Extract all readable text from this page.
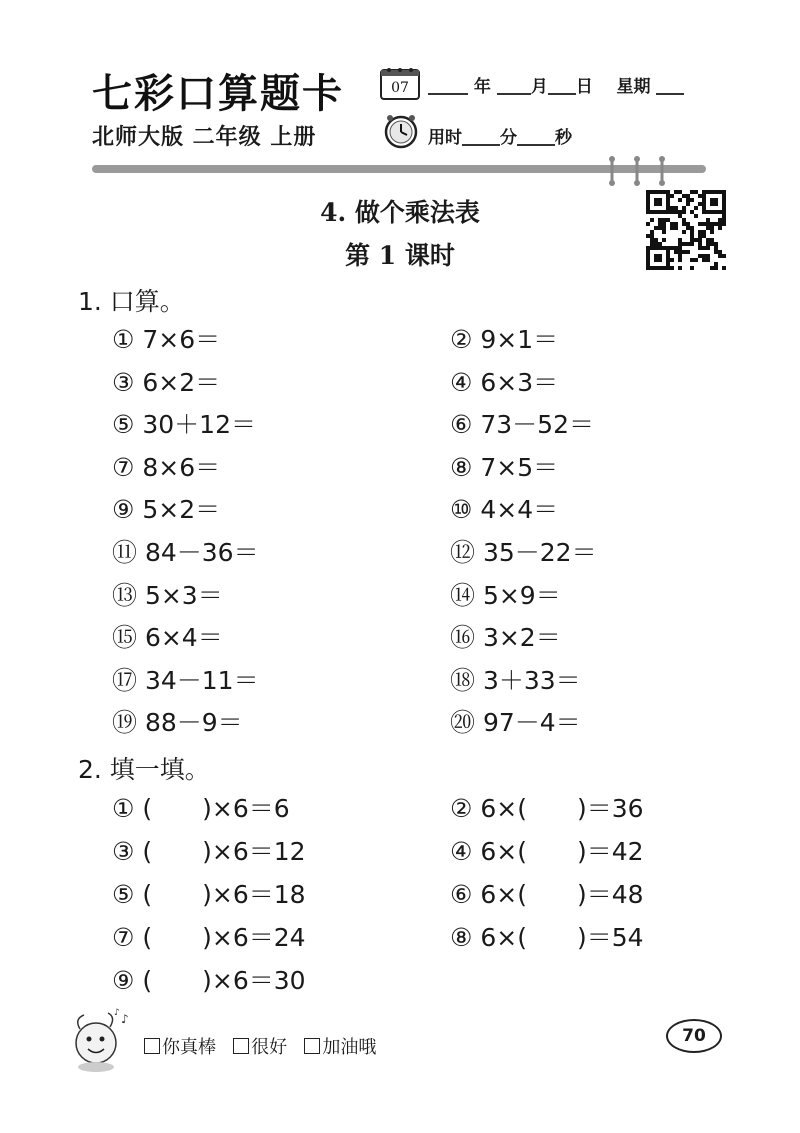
七彩口算题卡
北师大版 二年级 上册
07	年 月 日 星期
用时 分 秒
4. 做个乘法表
第 1 课时
1. 口算。
① 7×6＝	② 9×1＝
③ 6×2＝	④ 6×3＝
⑤ 30＋12＝	⑥ 73－52＝
⑦ 8×6＝	⑧ 7×5＝
⑨ 5×2＝	⑩ 4×4＝
⑪ 84－36＝	⑫ 35－22＝
⑬ 5×3＝	⑭ 5×9＝
⑮ 6×4＝	⑯ 3×2＝
⑰ 34－11＝	⑱ 3＋33＝
⑲ 88－9＝	⑳ 97－4＝
2. 填一填。
① (　　)×6＝6	② 6×(　　)＝36
③ (　　)×6＝12	④ 6×(　　)＝42
⑤ (　　)×6＝18	⑥ 6×(　　)＝48
⑦ (　　)×6＝24	⑧ 6×(　　)＝54
⑨ (　　)×6＝30
♪
♪
你真棒 很好 加油哦
70
